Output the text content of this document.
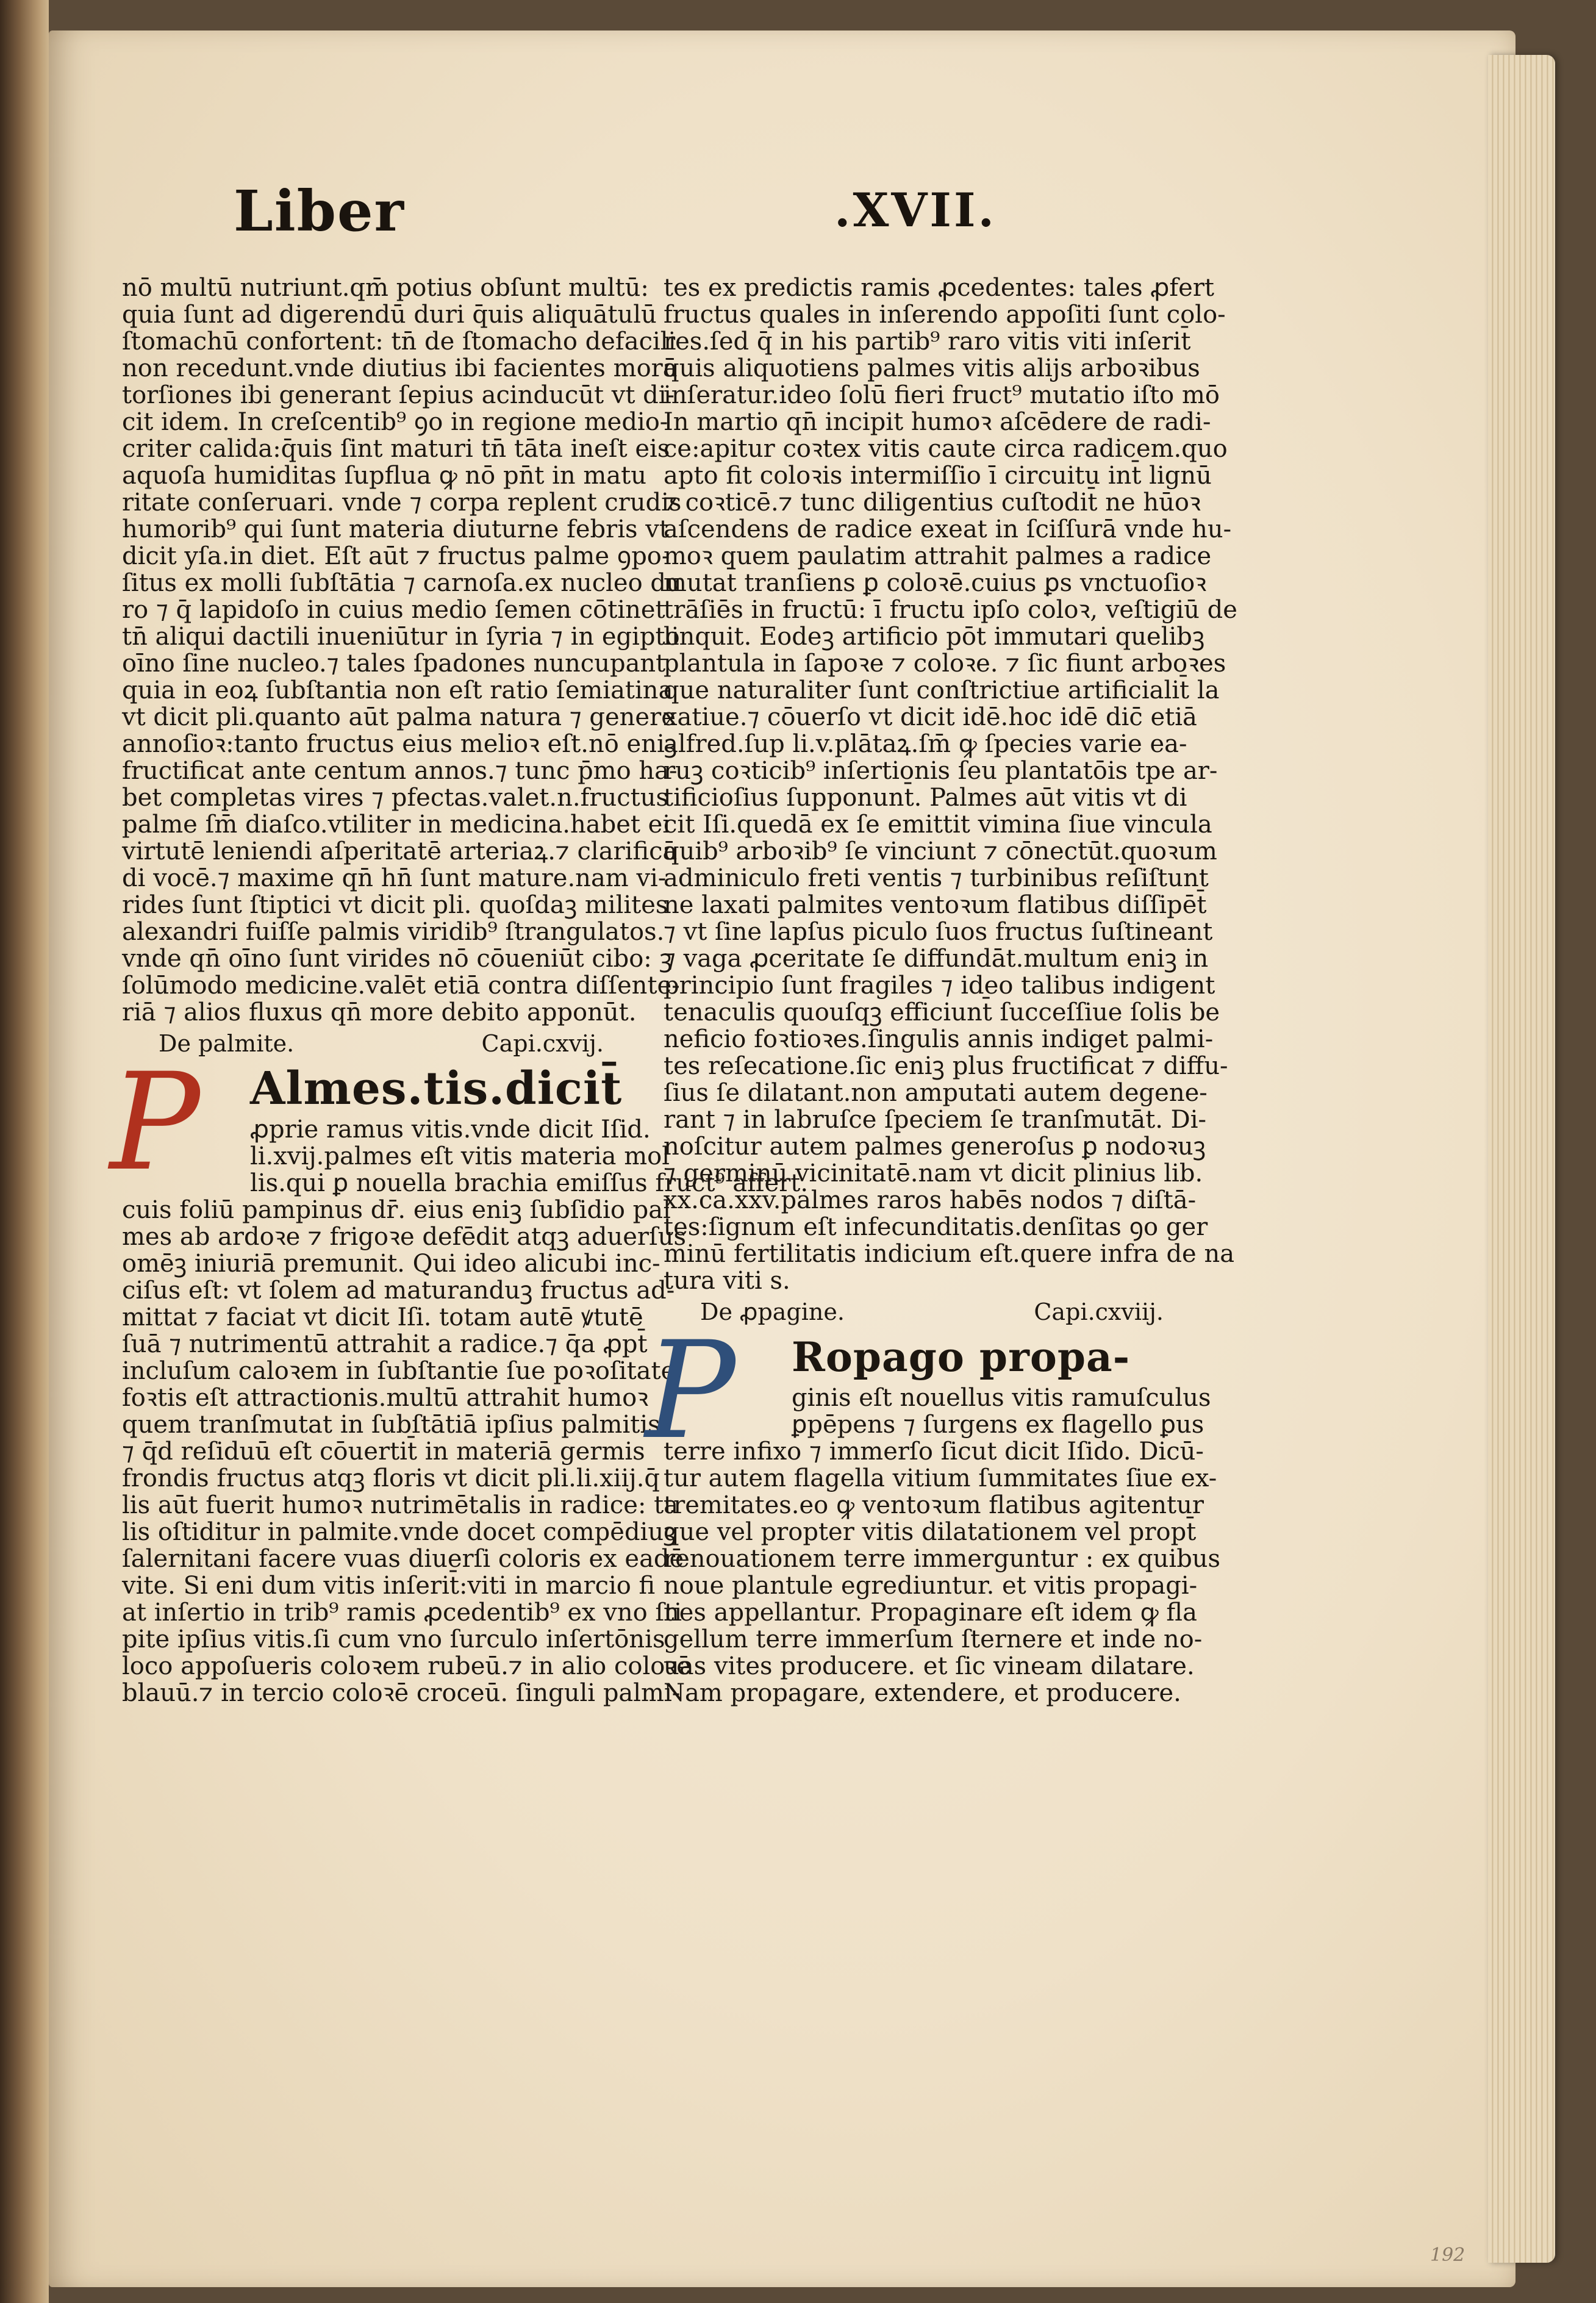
Liber	.XVII.
nō multū nutriunt.qm̄ potius obſunt multū:
quia ſunt ad digerendū duri q̄uis aliquātulū
ſtomachū confortent: tn̄ de ſtomacho defacili
non recedunt.vnde diutius ibi facientes morā
torſiones ibi generant ſepius acinducūt vt di-
cit idem. In creſcentib⁹ ꝯo in regione medio-
criter calida:q̄uis ſint maturi tn̄ tāta ineſt eis
aquoſa humiditas ſupflua ꝙ nō pn̄t in matu
ritate conſeruari. vnde ⁊ corpa replent crudis
humorib⁹ qui ſunt materia diuturne febris vt
dicit yſa.in diet. Eſt aūt ⁊ fructus palme ꝯpo-
ſitus ex molli ſubſtātia ⁊ carnoſa.ex nucleo du
ro ⁊ q̄ lapidoſo in cuius medio ſemen cōtinet
tn̄ aliqui dactili inueniūtur in ſyria ⁊ in egipto
oīno ſine nucleo.⁊ tales ſpadones nuncupant
quia in eoꝝ ſubſtantia non eſt ratio ſemiatina
vt dicit pli.quanto aūt palma natura ⁊ genere
annoſioꝛ:tanto fructus eius melioꝛ eſt.nō eniꝫ
fructificat ante centum annos.⁊ tunc p̄mo ha-
bet completas vires ⁊ pfectas.valet.n.fructus
palme ſm̄ diaſco.vtiliter in medicina.habet ei
virtutē leniendi aſperitatē arteriaꝝ.⁊ clarificā
di vocē.⁊ maxime qn̄ hn̄ ſunt mature.nam vi-
rides ſunt ſtiptici vt dicit pli. quoſdaꝫ milites
alexandri fuiſſe palmis viridib⁹ ſtrangulatos.
vnde qn̄ oīno ſunt virides nō cōueniūt cibo: ꝫ
ſolūmodo medicine.valēt etiā contra diſſente-
riā ⁊ alios fluxus qn̄ more debito apponūt.
De palmite.	Capi.cxvij.
P	Almes.tis.dicit̄
ꝓprie ramus vitis.vnde dicit Iſid.
li.xvij.palmes eſt vitis materia mol
lis.qui ꝑ nouella brachia emiſſus fruct⁹ affert.
cuis foliū pampinus dr̄. eius eniꝫ ſubſidio pal
mes ab ardoꝛe ⁊ frigoꝛe defēdit atqꝫ aduerſus
omēꝫ iniuriā premunit. Qui ideo alicubi inc-
ciſus eſt: vt ſolem ad maturanduꝫ fructus ad-
mittat ⁊ faciat vt dicit Iſi. totam autē ꝟtutē
ſuā ⁊ nutrimentū attrahit a radice.⁊ q̄a ꝓpt̄
incluſum caloꝛem in ſubſtantie ſue poꝛoſitate
foꝛtis eſt attractionis.multū attrahit humoꝛ
quem tranſmutat in ſubſtātiā ipſius palmitis
⁊ q̄d reſiduū eſt cōuertit̄ in materiā germis
frondis fructus atqꝫ floris vt dicit pli.li.xiij.q̄
lis aūt fuerit humoꝛ nutrimētalis in radice: ta
lis oſtiditur in palmite.vnde docet compēdiuꝫ
ſalernitani facere vuas diuerſi coloris ex eadē
vite. Si eni dum vitis inſerit̄:viti in marcio fi
at inſertio in trib⁹ ramis ꝓcedentib⁹ ex vno ſti
pite ipſius vitis.ſi cum vno ſurculo inſertōnis
loco appoſueris coloꝛem rubeū.⁊ in alio coloꝛē
blauū.⁊ in tercio coloꝛē croceū. ſinguli palmi-
tes ex predictis ramis ꝓcedentes: tales ꝓfert
fructus quales in inſerendo appoſiti ſunt colo-
res.ſed q̄ in his partib⁹ raro vitis viti inſerit̄
q̄uis aliquotiens palmes vitis alijs arboꝛibus
inſeratur.ideo ſolū fieri fruct⁹ mutatio iſto mō
In martio qn̄ incipit humoꝛ aſcēdere de radi-
ce:apitur coꝛtex vitis caute circa radicem.quo
apto fit coloꝛis intermiſſio ī circuitu int̄ lignū
⁊ coꝛticē.⁊ tunc diligentius cuſtodit̄ ne hūoꝛ
aſcendens de radice exeat in ſciſſurā vnde hu-
moꝛ quem paulatim attrahit palmes a radice
mutat̄ tranſiens ꝑ coloꝛē.cuius ꝑs vnctuoſioꝛ
trāſiēs in fructū: ī fructu ipſo coloꝛ, veſtigiū de
linquit. Eodeꝫ artificio pōt immutari quelibꝫ
plantula in ſapoꝛe ⁊ coloꝛe. ⁊ ſic fiunt arboꝛes
que naturaliter ſunt conſtrictiue artificialit̄ la
xatiue.⁊ cōuerſo vt dicit idē.hoc idē dic̄ etiā
alfred.ſup li.v.plātaꝝ.ſm̄ ꝙ ſpecies varie ea-
ruꝫ coꝛticib⁹ inſertionis ſeu plantatōis tpe ar-
tificioſius ſupponunt̄. Palmes aūt vitis vt di
cit Iſi.quedā ex ſe emittit vimina ſiue vincula
quib⁹ arboꝛib⁹ ſe vinciunt ⁊ cōnectūt.quoꝛum
adminiculo freti ventis ⁊ turbinibus reſiſtunt
ne laxati palmites ventoꝛum flatibus diſſipēt̄
⁊ vt ſine lapſus piculo ſuos fructus ſuſtineant
⁊ vaga ꝓceritate ſe diffundāt.multum eniꝫ in
principio ſunt fragiles ⁊ ideo talibus indigent
tenaculis quouſqꝫ efficiunt̄ ſucceſſiue ſolis be
neficio foꝛtioꝛes.ſingulis annis indiget palmi-
tes reſecatione.ſic eniꝫ plus fructificat ⁊ diffu-
ſius ſe dilatant.non amputati autem degene-
rant ⁊ in labruſce ſpeciem ſe tranſmutāt. Di-
noſcitur autem palmes generoſus ꝑ nodoꝛuꝫ
⁊ germinū vicinitatē.nam vt dicit plinius lib.
xx.ca.xxv.palmes raros habēs nodos ⁊ diſtā-
tes:ſignum eſt infecunditatis.denſitas ꝯo ger
minū fertilitatis indicium eſt.quere infra de na
tura viti s.
De ꝓpagine.	Capi.cxviij.
P	Ropago propa-
ginis eſt nouellus vitis ramuſculus
ꝑpēpens ⁊ ſurgens ex flagello ꝑus
terre infixo ⁊ immerſo ſicut dicit Iſido. Dicū-
tur autem flagella vitium ſummitates ſiue ex-
tremitates.eo ꝙ ventoꝛum flatibus agitentur
que vel propter vitis dilatationem vel propt̄
renouationem terre immerguntur : ex quibus
noue plantule egrediuntur. et vitis propagi-
nes appellantur. Propaginare eſt idem ꝙ fla
gellum terre immerſum ſternere et inde no-
uas vites producere. et ſic vineam dilatare.
Nam propagare, extendere, et producere.
192
